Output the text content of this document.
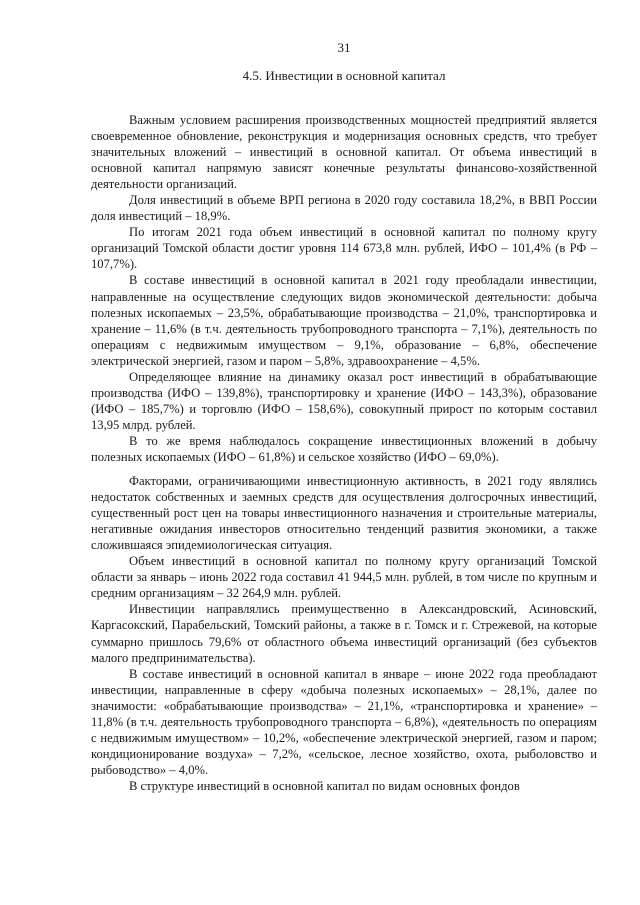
31
4.5. Инвестиции в основной капитал

Важным условием расширения производственных мощностей предприятий является своевременное обновление, реконструкция и модернизация основных средств, что требует значительных вложений – инвестиций в основной капитал. От объема инвестиций в основной капитал напрямую зависят конечные результаты финансово-хозяйственной деятельности организаций.

Доля инвестиций в объеме ВРП региона в 2020 году составила 18,2%, в ВВП России доля инвестиций – 18,9%.

По итогам 2021 года объем инвестиций в основной капитал по полному кругу организаций Томской области достиг уровня 114 673,8 млн. рублей, ИФО – 101,4% (в РФ – 107,7%).

В составе инвестиций в основной капитал в 2021 году преобладали инвестиции, направленные на осуществление следующих видов экономической деятельности: добыча полезных ископаемых – 23,5%, обрабатывающие производства – 21,0%, транспортировка и хранение – 11,6% (в т.ч. деятельность трубопроводного транспорта – 7,1%), деятельность по операциям с недвижимым имуществом – 9,1%, образование – 6,8%, обеспечение электрической энергией, газом и паром – 5,8%, здравоохранение – 4,5%.

Определяющее влияние на динамику оказал рост инвестиций в обрабатывающие производства (ИФО – 139,8%), транспортировку и хранение (ИФО – 143,3%), образование (ИФО – 185,7%) и торговлю (ИФО – 158,6%), совокупный прирост по которым составил 13,95 млрд. рублей.

В то же время наблюдалось сокращение инвестиционных вложений в добычу полезных ископаемых (ИФО – 61,8%) и сельское хозяйство (ИФО – 69,0%).

Факторами, ограничивающими инвестиционную активность, в 2021 году являлись недостаток собственных и заемных средств для осуществления долгосрочных инвестиций, существенный рост цен на товары инвестиционного назначения и строительные материалы, негативные ожидания инвесторов относительно тенденций развития экономики, а также сложившаяся эпидемиологическая ситуация.

Объем инвестиций в основной капитал по полному кругу организаций Томской области за январь – июнь 2022 года составил 41 944,5 млн. рублей, в том числе по крупным и средним организациям – 32 264,9 млн. рублей.

Инвестиции направлялись преимущественно в Александровский, Асиновский, Каргасокский, Парабельский, Томский районы, а также в г. Томск и г. Стрежевой, на которые суммарно пришлось 79,6% от областного объема инвестиций организаций (без субъектов малого предпринимательства).

В составе инвестиций в основной капитал в январе – июне 2022 года преобладают инвестиции, направленные в сферу «добыча полезных ископаемых» – 28,1%, далее по значимости: «обрабатывающие производства» – 21,1%, «транспортировка и хранение» – 11,8% (в т.ч. деятельность трубопроводного транспорта – 6,8%), «деятельность по операциям с недвижимым имуществом» – 10,2%, «обеспечение электрической энергией, газом и паром; кондиционирование воздуха» – 7,2%, «сельское, лесное хозяйство, охота, рыболовство и рыбоводство» – 4,0%.

В структуре инвестиций в основной капитал по видам основных фондов
